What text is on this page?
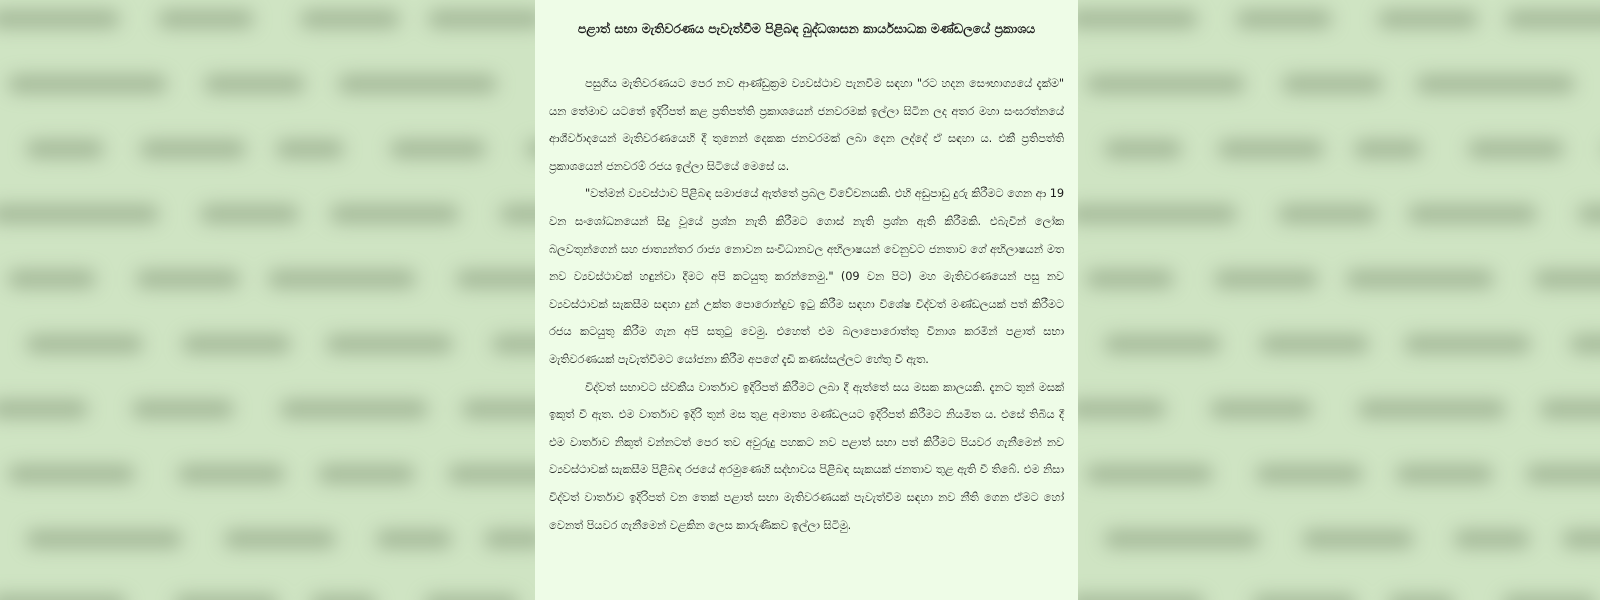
පළාත් සභා මැතිවරණය පැවැත්වීම පිළිබඳ බුද්ධශාසන කාර්යසාධක මණ්ඩලයේ ප්‍රකාශය

පසුගිය මැතිවරණයට පෙර නව ආණ්ඩුක්‍රම ව්‍යවස්ථාව පැනවීම සඳහා "රට හදන සෞභාග්‍යයේ දැක්ම" යන තේමාව යටතේ ඉදිරිපත් කළ ප්‍රතිපත්ති ප්‍රකාශයෙන් ජනවරමක් ඉල්ලා සිටින ලද අතර මහා සංඝරත්නයේ ආශීර්වාදයෙන් මැතිවරණයෙහි දී තුනෙන් දෙකක ජනවරමක් ලබා දෙන ලද්දේ ඒ සඳහා ය. එකී ප්‍රතිපත්ති ප්‍රකාශයෙන් ජනවරම් රජය ඉල්ලා සිටියේ මෙසේ ය.

"වත්මන් ව්‍යවස්ථාව පිළිබඳ සමාජයේ ඇත්තේ ප්‍රබල විවේචනයකි. එහි අඩුපාඩු දුරු කිරීමට ගෙන ආ 19 වන සංශෝධනයෙන් සිදු වූයේ ප්‍රශ්න නැති කිරීමට ගොස් නැති ප්‍රශ්න ඇති කිරීමකි. එබැවින් ලෝක බලවතුන්ගෙන් සහ ජාත්‍යන්තර රාජ්‍ය නොවන සංවිධානවල අභිලාෂයන් වෙනුවට ජනතාව ගේ අභිලාෂයන් මත නව ව්‍යවස්ථාවක් හඳුන්වා දීමට අපි කටයුතු කරන්නෙමු." (09 වන පිට) මහ මැතිවරණයෙන් පසු නව ව්‍යවස්ථාවක් සැකසීම සඳහා දුන් උක්ත පොරොන්දුව ඉටු කිරීම සඳහා විශේෂ විද්වත් මණ්ඩලයක් පත් කිරීමට රජය කටයුතු කිරීම ගැන අපි සතුටු වෙමු. එහෙත් එම බලාපොරොත්තු විනාශ කරමින් පළාත් සභා මැතිවරණයක් පැවැත්වීමට යෝජනා කිරීම අපගේ දැඩි කණස්සල්ලට හේතු වී ඇත.

විද්වත් සභාවට ස්වකීය වාර්තාව ඉදිරිපත් කිරීමට ලබා දී ඇත්තේ සය මසක කාලයකි. දැනට තුන් මසක් ඉකුත් වී ඇත. එම වාර්තාව ඉදිරි තුන් මස තුළ අමාත්‍ය මණ්ඩලයට ඉදිරිපත් කිරීමට නියමිත ය. එසේ තිබිය දී එම වාර්තාව නිකුත් වන්නටත් පෙර තව අවුරුදු පහකට නව පළාත් සභා පත් කිරීමට පියවර ගැනීමෙන් නව ව්‍යවස්ථාවක් සැකසීම පිළිබඳ රජයේ අරමුණෙහි සද්භාවය පිළිබඳ සැකයක් ජනතාව තුළ ඇති වී තිබේ. එම නිසා විද්වත් වාර්තාව ඉදිරිපත් වන තෙක් පළාත් සභා මැතිවරණයක් පැවැත්වීම සඳහා නව නීති ගෙන ඒමට හෝ වෙනත් පියවර ගැනීමෙන් වළකින ලෙස කාරුණිකව ඉල්ලා සිටිමු.
